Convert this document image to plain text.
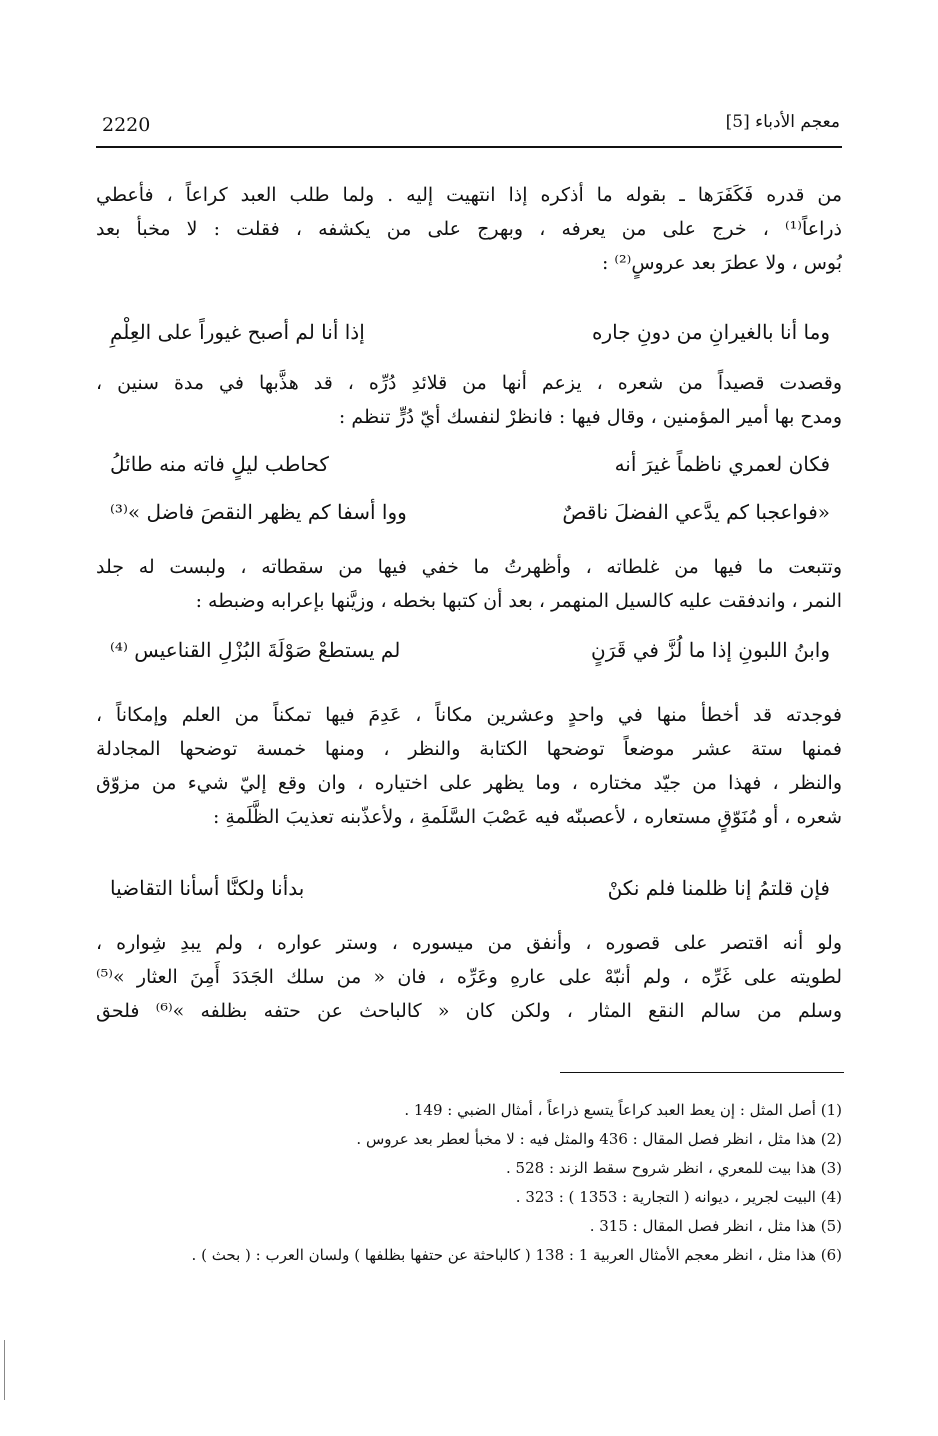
2220	معجم الأدباء [5]
من قدره فَكَفَرَها ـ بقوله ما أذكره إذا انتهيت إليه . ولما طلب العبد كراعاً ، فأعطي
ذراعاً⁽¹⁾ ، خرج على من يعرفه ، وبهرج على من يكشفه ، فقلت : لا مخبأ بعد
بُوس ، ولا عطرَ بعد عروسٍ⁽²⁾ :
وما أنا بالغيرانِ من دونِ جاره
إذا أنا لم أصبح غيوراً على العِلْمِ
وقصدت قصيداً من شعره ، يزعم أنها من قلائدِ دُرِّه ، قد هذَّبها في مدة سنين ،
ومدح بها أمير المؤمنين ، وقال فيها : فانظرْ لنفسك أيّ دُرٍّ تنظم :
فكان لعمري ناظماً غيرَ أنه
كحاطب ليلٍ فاته منه طائلُ
«فواعجبا كم يدَّعي الفضلَ ناقصٌ
ووا أسفا كم يظهر النقصَ فاضل »⁽³⁾
وتتبعت ما فيها من غلطاته ، وأظهرتُ ما خفي فيها من سقطاته ، ولبست له جلد
النمر ، واندفقت عليه كالسيل المنهمر ، بعد أن كتبها بخطه ، وزيَّنها بإعرابه وضبطه :
وابنُ اللبونِ إذا ما لُزَّ في قَرَنٍ
لم يستطعْ صَوْلَةَ البُزْلِ القناعيس ⁽⁴⁾
فوجدته قد أخطأ منها في واحدٍ وعشرين مكاناً ، عَدِمَ فيها تمكناً من العلم وإمكاناً ،
فمنها ستة عشر موضعاً توضحها الكتابة والنظر ، ومنها خمسة توضحها المجادلة
والنظر ، فهذا من جيّد مختاره ، وما يظهر على اختياره ، وان وقع إليّ شيء من مزوّق
شعره ، أو مُنَوّقٍ مستعاره ، لأعصبنّه فيه عَصْبَ السَّلَمةِ ، ولأعذّبنه تعذيبَ الظَّلَمةِ :
فإن قلتمُ إنا ظلمنا فلم نكنْ
بدأنا ولكنَّا أسأنا التقاضيا
ولو أنه اقتصر على قصوره ، وأنفق من ميسوره ، وستر عواره ، ولم يبدِ شِواره ،
لطويته على غَرِّه ، ولم أنبّهْ على عارهِ وعَرِّه ، فان « من سلك الجَدَدَ أَمِنَ العثار »⁽⁵⁾
وسلم من سالم النقع المثار ، ولكن كان « كالباحث عن حتفه بظلفه »⁽⁶⁾ فلحق
(1) أصل المثل : إن يعط العبد كراعاً يتسع ذراعاً ، أمثال الضبي : 149 .
(2) هذا مثل ، انظر فصل المقال : 436 والمثل فيه : لا مخبأ لعطر بعد عروس .
(3) هذا بيت للمعري ، انظر شروح سقط الزند : 528 .
(4) البيت لجرير ، ديوانه ( التجارية : 1353 ) : 323 .
(5) هذا مثل ، انظر فصل المقال : 315 .
(6) هذا مثل ، انظر معجم الأمثال العربية 1 : 138 ( كالباحثة عن حتفها بظلفها ) ولسان العرب : ( بحث ) .
